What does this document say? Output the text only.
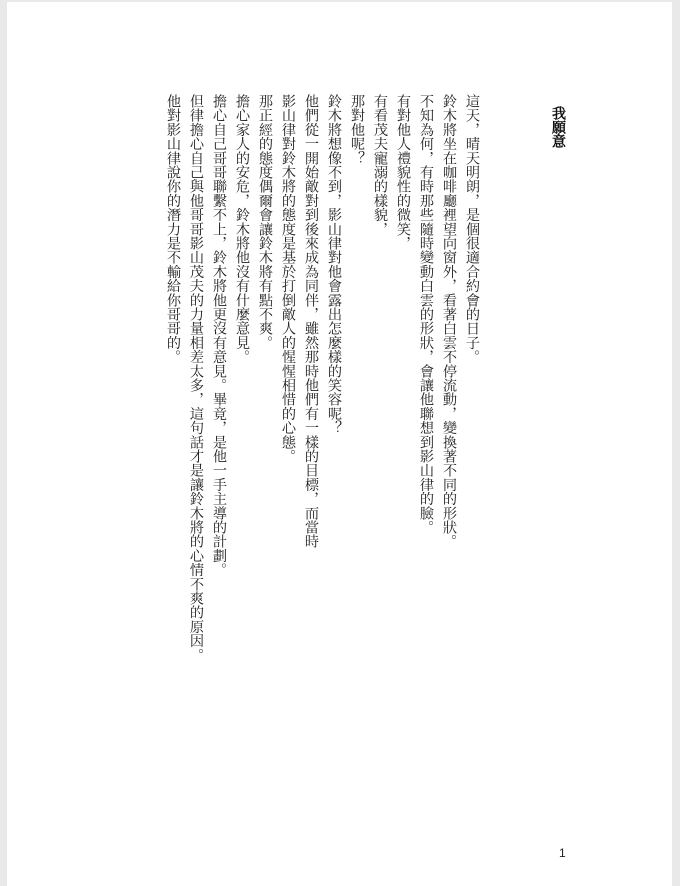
我願意
這天，晴天明朗，是個很適合約會的日子。
鈴木將坐在咖啡廳裡望向窗外，看著白雲不停流動，變換著不同的形狀。
不知為何，有時那些隨時變動白雲的形狀，會讓他聯想到影山律的臉。
有對他人禮貌性的微笑，
有看茂夫寵溺的樣貌，
那對他呢？
鈴木將想像不到，影山律對他會露出怎麼樣的笑容呢？
他們從一開始敵對到後來成為同伴，雖然那時他們有一樣的目標，而當時
影山律對鈴木將的態度是基於打倒敵人的惺惺相惜的心態。
那正經的態度偶爾會讓鈴木將有點不爽。
擔心家人的安危，鈴木將他沒有什麼意見。
擔心自己哥哥聯繫不上，鈴木將他更沒有意見。畢竟，是他一手主導的計劃。
但律擔心自己與他哥哥影山茂夫的力量相差太多，這句話才是讓鈴木將的心情不爽的原因。
他對影山律說你的潛力是不輸給你哥哥的。
1
